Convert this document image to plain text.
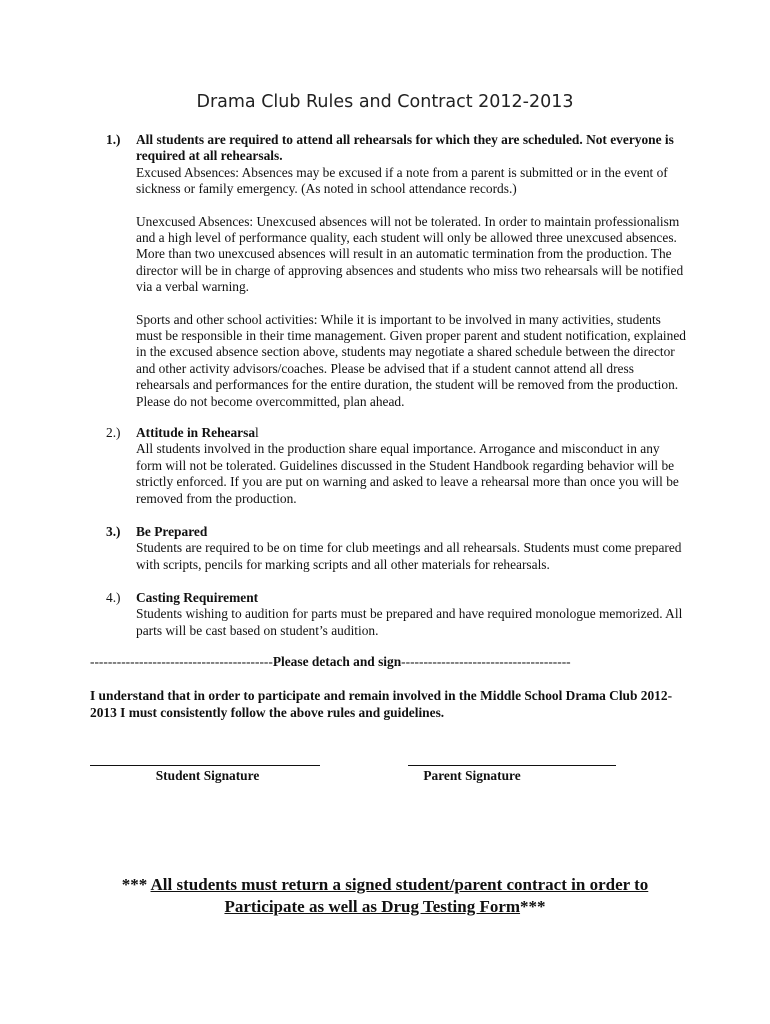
Drama Club Rules and Contract 2012-2013
1.)	All students are required to attend all rehearsals for which they are scheduled. Not everyone is required at all rehearsals.

Excused Absences: Absences may be excused if a note from a parent is submitted or in the event of sickness or family emergency. (As noted in school attendance records.)

Unexcused Absences: Unexcused absences will not be tolerated. In order to maintain professionalism and a high level of performance quality, each student will only be allowed three unexcused absences. More than two unexcused absences will result in an automatic termination from the production. The director will be in charge of approving absences and students who miss two rehearsals will be notified via a verbal warning.

Sports and other school activities: While it is important to be involved in many activities, students must be responsible in their time management. Given proper parent and student notification, explained in the excused absence section above, students may negotiate a shared schedule between the director and other activity advisors/coaches. Please be advised that if a student cannot attend all dress rehearsals and performances for the entire duration, the student will be removed from the production. Please do not become overcommitted, plan ahead.

2.)	Attitude in Rehearsal

All students involved in the production share equal importance. Arrogance and misconduct in any form will not be tolerated. Guidelines discussed in the Student Handbook regarding behavior will be strictly enforced. If you are put on warning and asked to leave a rehearsal more than once you will be removed from the production.

3.)	Be Prepared

Students are required to be on time for club meetings and all rehearsals. Students must come prepared with scripts, pencils for marking scripts and all other materials for rehearsals.

4.)	Casting Requirement

Students wishing to audition for parts must be prepared and have required monologue memorized. All parts will be cast based on student’s audition.

-----------------------------------------Please detach and sign--------------------------------------
I understand that in order to participate and remain involved in the Middle School Drama Club 2012-2013 I must consistently follow the above rules and guidelines.
Student Signature	Parent Signature
*** All students must return a signed student/parent contract in order to
Participate as well as Drug Testing Form***
